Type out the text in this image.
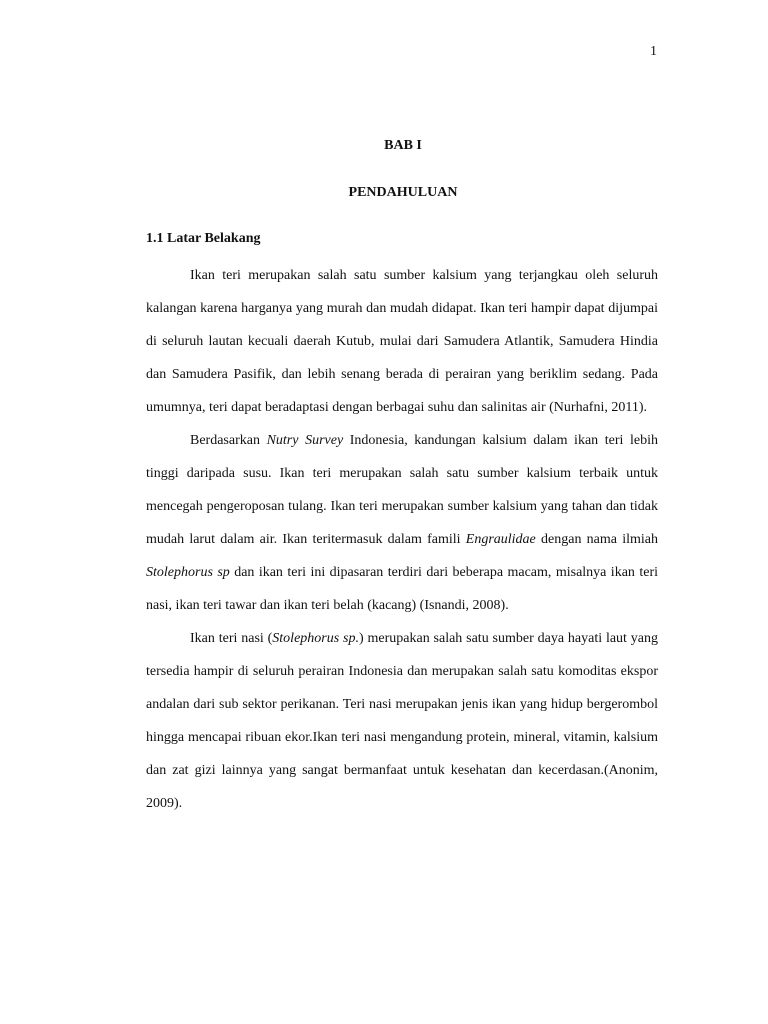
1
BAB I
PENDAHULUAN
1.1 Latar Belakang

Ikan teri merupakan salah satu sumber kalsium yang terjangkau oleh seluruh kalangan karena harganya yang murah dan mudah didapat. Ikan teri hampir dapat dijumpai di seluruh lautan kecuali daerah Kutub, mulai dari Samudera Atlantik, Samudera Hindia dan Samudera Pasifik, dan lebih senang berada di perairan yang beriklim sedang. Pada umumnya, teri dapat beradaptasi dengan berbagai suhu dan salinitas air (Nurhafni, 2011).

Berdasarkan Nutry Survey Indonesia, kandungan kalsium dalam ikan teri lebih tinggi daripada susu. Ikan teri merupakan salah satu sumber kalsium terbaik untuk mencegah pengeroposan tulang. Ikan teri merupakan sumber kalsium yang tahan dan tidak mudah larut dalam air. Ikan teritermasuk dalam famili Engraulidae dengan nama ilmiah Stolephorus sp dan ikan teri ini dipasaran terdiri dari beberapa macam, misalnya ikan teri nasi, ikan teri tawar dan ikan teri belah (kacang) (Isnandi, 2008).

Ikan teri nasi (Stolephorus sp.) merupakan salah satu sumber daya hayati laut yang tersedia hampir di seluruh perairan Indonesia dan merupakan salah satu komoditas ekspor andalan dari sub sektor perikanan. Teri nasi merupakan jenis ikan yang hidup bergerombol hingga mencapai ribuan ekor.Ikan teri nasi mengandung protein, mineral, vitamin, kalsium dan zat gizi lainnya yang sangat bermanfaat untuk kesehatan dan kecerdasan.(Anonim, 2009).
